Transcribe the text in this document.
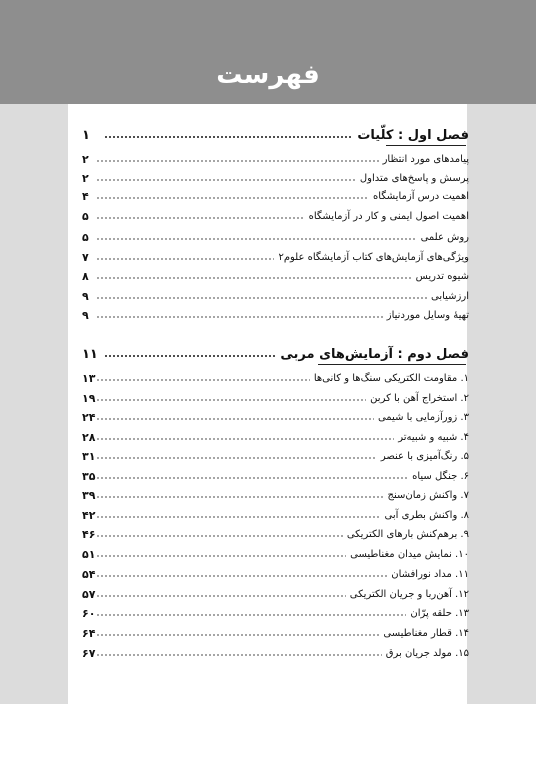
فهرست
فصل اول : کلّیات
۱
پیامدهای مورد انتظار
۲
پرسش و پاسخ‌های متداول
۲
اهمیت درس آزمایشگاه
۴
اهمیت اصول ایمنی و کار در آزمایشگاه
۵
روش علمی
۵
ویژگی‌های آزمایش‌های کتاب آزمایشگاه علوم۲
۷
شیوه تدریس
۸
ارزشیابی
۹
تهیهٔ وسایل موردنیاز
۹
فصل دوم : آزمایش‌های مربی
۱۱
۱. مقاومت الکتریکی سنگ‌ها و کانی‌ها
۱۳
۲. استخراج آهن با کربن
۱۹
۳. زورآزمایی با شیمی
۲۴
۴. شبیه و شبیه‌تر
۲۸
۵. رنگ‌آمیزی با عنصر
۳۱
۶. جنگل سیاه
۳۵
۷. واکنش زمان‌سنج
۳۹
۸. واکنش بطری آبی
۴۲
۹. برهم‌کنش بارهای الکتریکی
۴۶
۱۰. نمایش میدان مغناطیسی
۵۱
۱۱. مداد نورافشان
۵۴
۱۲. آهن‌ربا و جریان الکتریکی
۵۷
۱۳. حلقه پرّان
۶۰
۱۴. قطار مغناطیسی
۶۴
۱۵. مولد جریان برق
۶۷
